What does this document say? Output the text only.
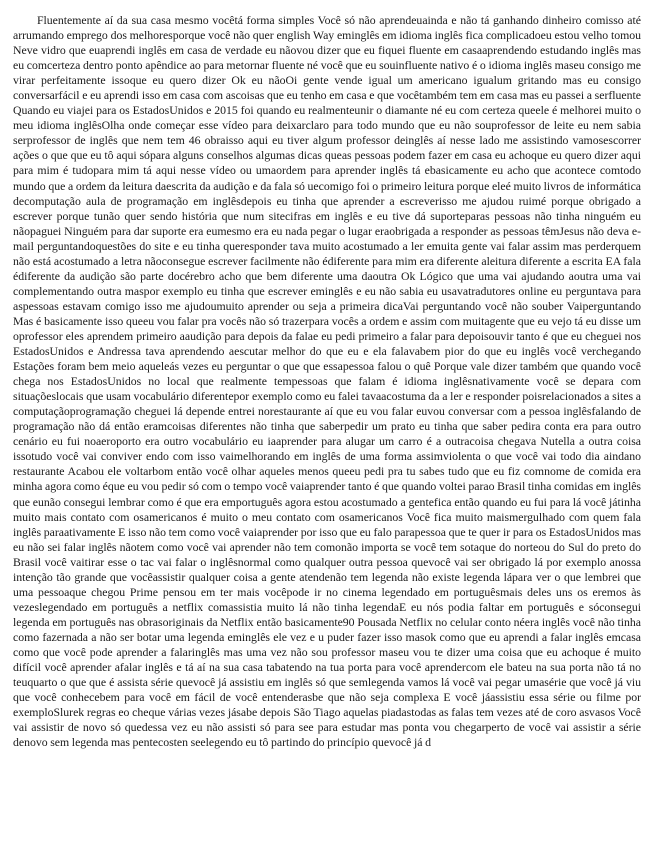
Fluentemente aí da sua casa mesmo vocêtá forma simples Você só não aprendeuainda e não tá ganhando dinheiro comisso até arrumando emprego dos melhoresporque você não quer english Way eminglês em idioma inglês fica complicadoeu estou velho tomou Neve vidro que euaprendi inglês em casa de verdade eu nãovou dizer que eu fiquei fluente em casaaprendendo estudando inglês mas eu comcerteza dentro ponto apêndice ao para metornar fluente né você que eu souinfluente nativo é o idioma inglês maseu consigo me virar perfeitamente issoque eu quero dizer Ok eu nãoOi gente vende igual um americano igualum gritando mas eu consigo conversarfácil e eu aprendi isso em casa com ascoisas que eu tenho em casa e que vocêtambém tem em casa mas eu passei a serfluente Quando eu viajei para os EstadosUnidos e 2015 foi quando eu realmenteunir o diamante né eu com certeza queele é melhorei muito o meu idioma inglêsOlha onde começar esse vídeo para deixarclaro para todo mundo que eu não souprofessor de leite eu nem sabia serprofessor de inglês que nem tem 46 obraisso aqui eu tiver algum professor deinglês aí nesse lado me assistindo vamosescorrer ações o que que eu tô aqui sópara alguns conselhos algumas dicas queas pessoas podem fazer em casa eu achoque eu quero dizer aqui para mim é tudopara mim tá aqui nesse vídeo ou umaordem para aprender inglês tá ebasicamente eu acho que acontece comtodo mundo que a ordem da leitura daescrita da audição e da fala só uecomigo foi o primeiro leitura porque eleé muito livros de informática decomputação aula de programação em inglêsdepois eu tinha que aprender a escreverisso me ajudou ruimé porque obrigado a escrever porque tunão quer sendo história que num sitecifras em inglês e eu tive dá suporteparas pessoas não tinha ninguém eu nãopaguei Ninguém para dar suporte era eumesmo era eu nada pegar o lugar eraobrigada a responder as pessoas têmJesus não deva e-mail perguntandoquestões do site e eu tinha queresponder tava muito acostumado a ler emuita gente vai falar assim mas perderquem não está acostumado a letra nãoconsegue escrever facilmente não édiferente para mim era diferente aleitura diferente a escrita EA fala édiferente da audição são parte docérebro acho que bem diferente uma daoutra Ok Lógico que uma vai ajudando aoutra uma vai complementando outra maspor exemplo eu tinha que escrever eminglês e eu não sabia eu usavatradutores online eu perguntava para aspessoas estavam comigo isso me ajudoumuito aprender ou seja a primeira dicaVai perguntando você não souber Vaiperguntando Mas é basicamente isso queeu vou falar pra vocês não só trazerpara vocês a ordem e assim com muitagente que eu vejo tá eu disse um oprofessor eles aprendem primeiro aaudição para depois da falae eu pedi primeiro a falar para depoisouvir tanto é que eu cheguei nos EstadosUnidos e Andressa tava aprendendo aescutar melhor do que eu e ela falavabem pior do que eu inglês você verchegando Estações foram bem meio aqueleás vezes eu perguntar o que que essapessoa falou o quê Porque vale dizer também que quando você chega nos EstadosUnidos no local que realmente tempessoas que falam é idioma inglêsnativamente você se depara com situaçõeslocais que usam vocabulário diferentepor exemplo como eu falei tavaacostuma da a ler e responder poisrelacionados a sites a computaçãoprogramação cheguei lá depende entrei norestaurante aí que eu vou falar euvou conversar com a pessoa inglêsfalando de programação não dá então eramcoisas diferentes não tinha que saberpedir um prato eu tinha que saber pedira conta era para outro cenário eu fui noaeroporto era outro vocabulário eu iaaprender para alugar um carro é a outracoisa chegava Nutella a outra coisa issotudo você vai conviver endo com isso vaimelhorando em inglês de uma forma assimviolenta o que você vai todo dia aindano restaurante Acabou ele voltarbom então você olhar aqueles menos queeu pedi pra tu sabes tudo que eu fiz comnome de comida era minha agora como éque eu vou pedir só com o tempo você vaiaprender tanto é que quando voltei parao Brasil tinha comidas em inglês que eunão consegui lembrar como é que era emportuguês agora estou acostumado a gentefica então quando eu fui para lá você játinha muito mais contato com osamericanos é muito o meu contato com osamericanos Você fica muito maismergulhado com quem fala inglês paraativamente E isso não tem como você vaiaprender por isso que eu falo parapessoa que te quer ir para os EstadosUnidos mas eu não sei falar inglês nãotem como você vai aprender não tem comonão importa se você tem sotaque do norteou do Sul do preto do Brasil você vaitirar esse o tac vai falar o inglêsnormal como qualquer outra pessoa quevocê vai ser obrigado lá por exemplo anossa intenção tão grande que vocêassistir qualquer coisa a gente atendenão tem legenda não existe legenda lápara ver o que lembrei que uma pessoaque chegou Prime pensou em ter mais vocêpode ir no cinema legendado em portuguêsmais deles uns os eremos às vezeslegendado em português a netflix comassistia muito lá não tinha legendaE eu nós podia faltar em português e sóconsegui legenda em português nas obrasoriginais da Netflix então basicamente90 Pousada Netflix no celular conto néera inglês você não tinha como fazernada a não ser botar uma legenda eminglês ele vez e u puder fazer isso masok como que eu aprendi a falar inglês emcasa como que você pode aprender a falaringlês mas uma vez não sou professor maseu vou te dizer uma coisa que eu achoque é muito difícil você aprender afalar inglês e tá aí na sua casa tabatendo na tua porta para você aprendercom ele bateu na sua porta não tá no teuquarto o que que é assista série quevocê já assistiu em inglês só que semlegenda vamos lá você vai pegar umasérie que você já viu que você conhecebem para você em fácil de você entenderasbe que não seja complexa E você jáassistiu essa série ou filme por exemploSlurek regras eo cheque várias vezes jásabe depois São Tiago aquelas piadastodas as falas tem vezes até de coro asvasos Você vai assistir de novo só quedessa vez eu não assisti só para see para estudar mas ponta vou chegarperto de você vai assistir a série denovo sem legenda mas pentecosten seelegendo eu tô partindo do princípio quevocê já d
